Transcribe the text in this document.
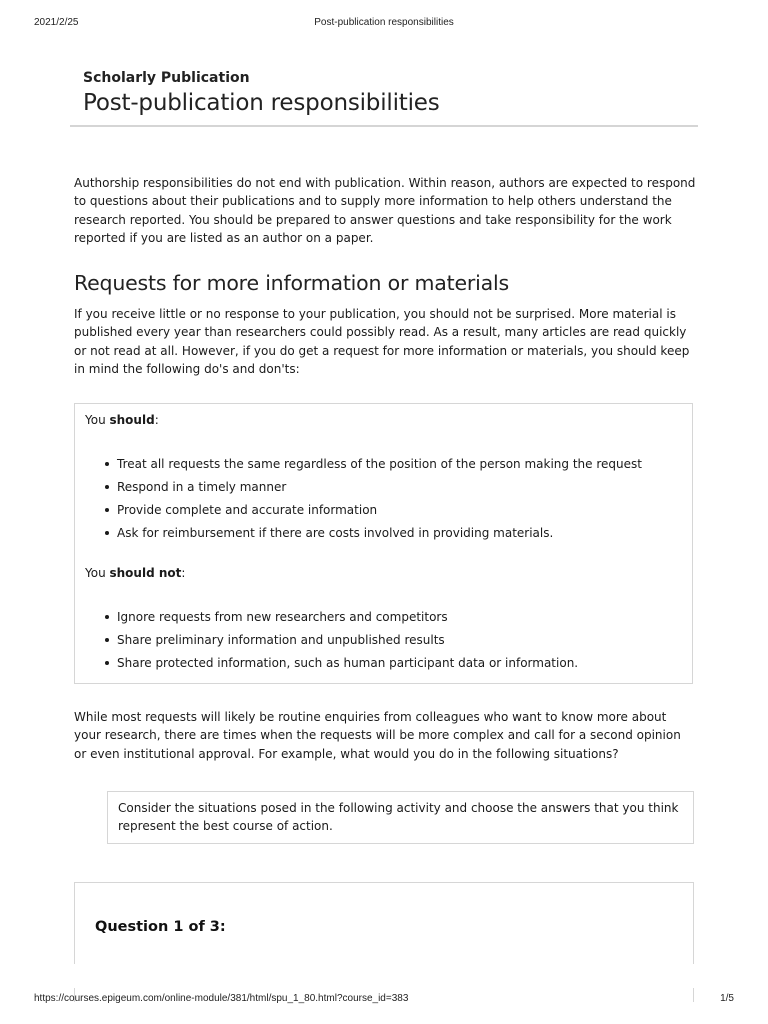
2021/2/25	Post-publication responsibilities
Scholarly Publication
Post-publication responsibilities

Authorship responsibilities do not end with publication. Within reason, authors are expected to respond to questions about their publications and to supply more information to help others understand the research reported. You should be prepared to answer questions and take responsibility for the work reported if you are listed as an author on a paper.

Requests for more information or materials

If you receive little or no response to your publication, you should not be surprised. More material is published every year than researchers could possibly read. As a result, many articles are read quickly or not read at all. However, if you do get a request for more information or materials, you should keep in mind the following do's and don'ts:

You should:
Treat all requests the same regardless of the position of the person making the request
Respond in a timely manner
Provide complete and accurate information
Ask for reimbursement if there are costs involved in providing materials.
You should not:
Ignore requests from new researchers and competitors
Share preliminary information and unpublished results
Share protected information, such as human participant data or information.

While most requests will likely be routine enquiries from colleagues who want to know more about your research, there are times when the requests will be more complex and call for a second opinion or even institutional approval. For example, what would you do in the following situations?

Consider the situations posed in the following activity and choose the answers that you think represent the best course of action.
Question 1 of 3:
https://courses.epigeum.com/online-module/381/html/spu_1_80.html?course_id=383	1/5
